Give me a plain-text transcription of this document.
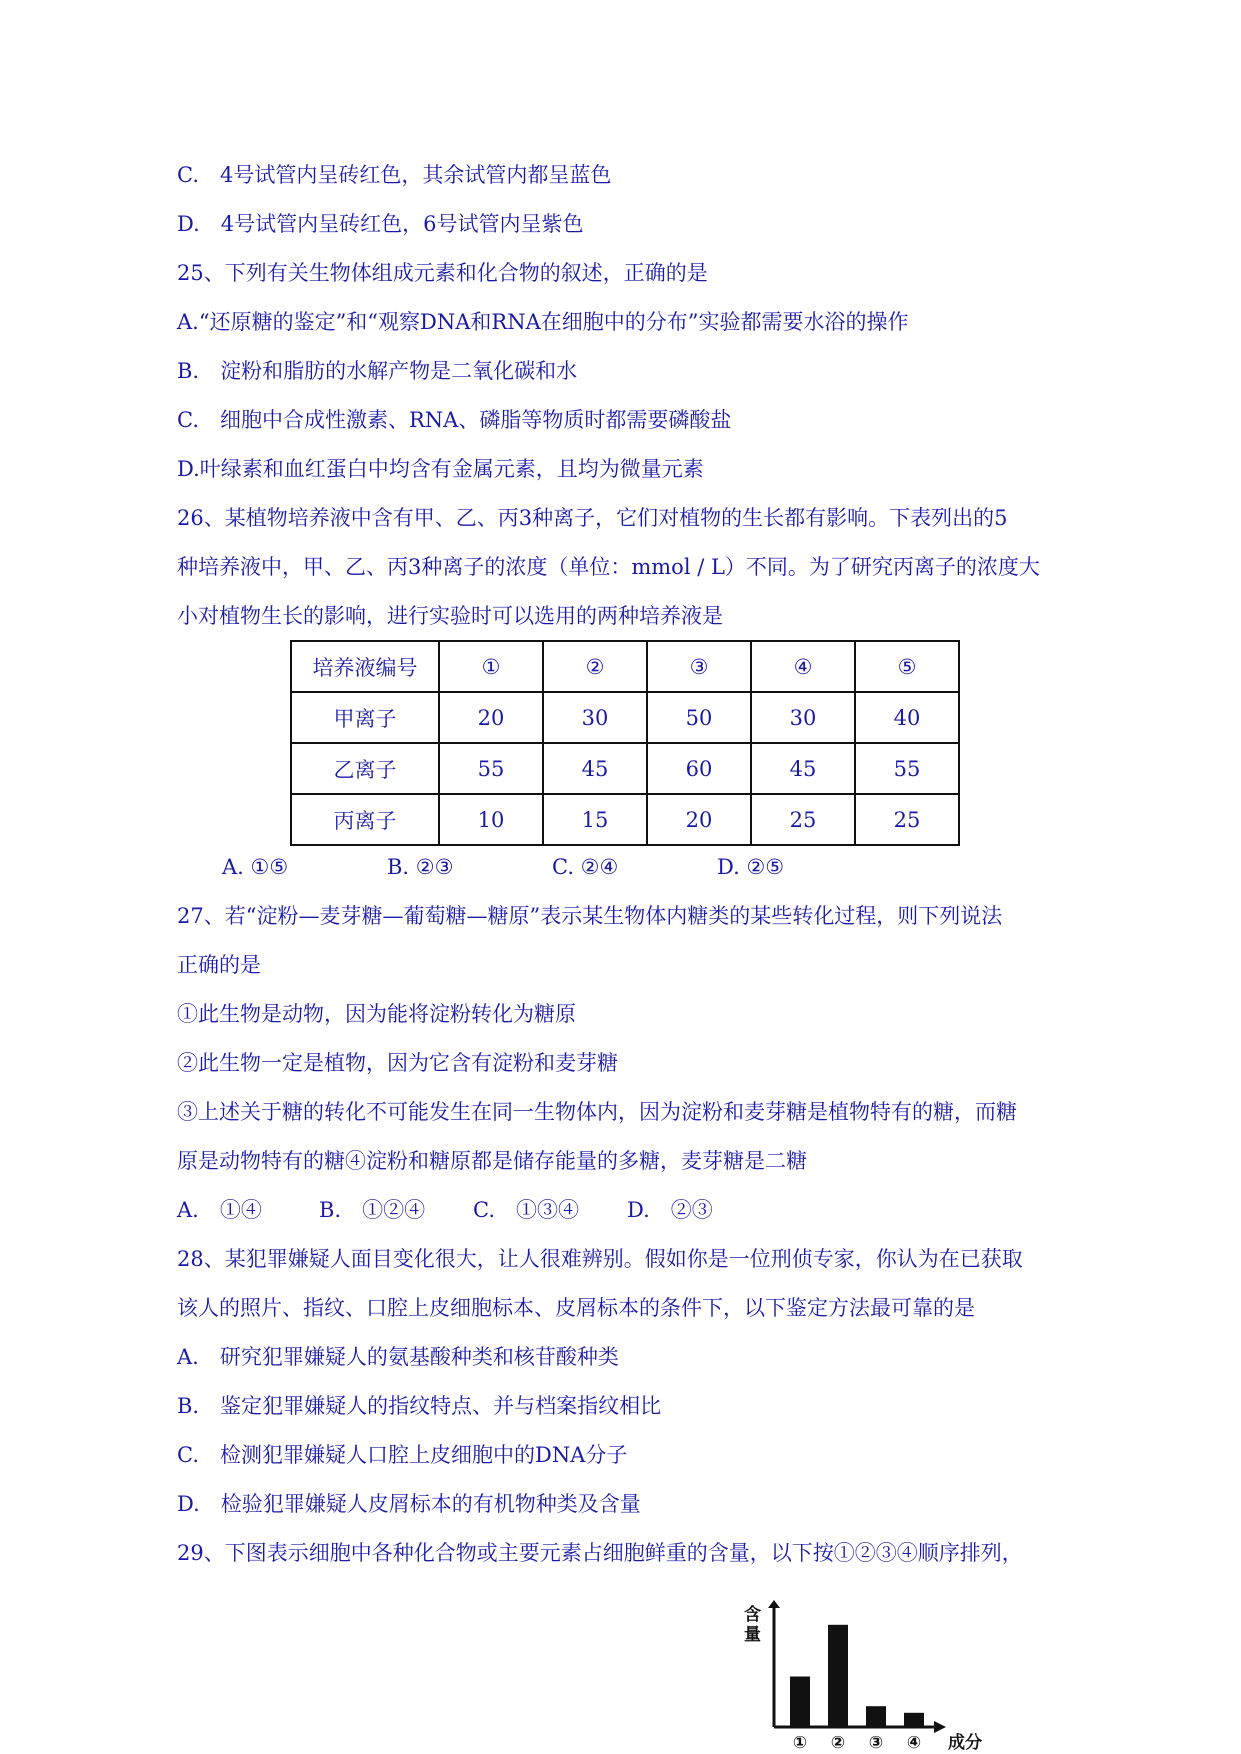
C.　4号试管内呈砖红色，其余试管内都呈蓝色
D.　4号试管内呈砖红色，6号试管内呈紫色
25、下列有关生物体组成元素和化合物的叙述，正确的是
A.“还原糖的鉴定”和“观察DNA和RNA在细胞中的分布”实验都需要水浴的操作
B.　淀粉和脂肪的水解产物是二氧化碳和水
C.　细胞中合成性激素、RNA、磷脂等物质时都需要磷酸盐
D.叶绿素和血红蛋白中均含有金属元素，且均为微量元素
26、某植物培养液中含有甲、乙、丙3种离子，它们对植物的生长都有影响。下表列出的5
种培养液中，甲、乙、丙3种离子的浓度（单位：mmol / L）不同。为了研究丙离子的浓度大
小对植物生长的影响，进行实验时可以选用的两种培养液是
培养液编号	①	②	③	④	⑤
甲离子	20	30	50	30	40
乙离子	55	45	60	45	55
丙离子	10	15	20	25	25
A. ①⑤	B. ②③	C. ②④	D. ②⑤
27、若“淀粉—麦芽糖—葡萄糖—糖原”表示某生物体内糖类的某些转化过程，则下列说法
正确的是
①此生物是动物，因为能将淀粉转化为糖原
②此生物一定是植物，因为它含有淀粉和麦芽糖
③上述关于糖的转化不可能发生在同一生物体内，因为淀粉和麦芽糖是植物特有的糖，而糖
原是动物特有的糖④淀粉和糖原都是储存能量的多糖，麦芽糖是二糖
A.　①④	B.　①②④ C.　①③④ D.　②③
28、某犯罪嫌疑人面目变化很大，让人很难辨别。假如你是一位刑侦专家，你认为在已获取
该人的照片、指纹、口腔上皮细胞标本、皮屑标本的条件下，以下鉴定方法最可靠的是
A.　研究犯罪嫌疑人的氨基酸种类和核苷酸种类
B.　鉴定犯罪嫌疑人的指纹特点、并与档案指纹相比
C.　检测犯罪嫌疑人口腔上皮细胞中的DNA分子
D.　检验犯罪嫌疑人皮屑标本的有机物种类及含量
29、下图表示细胞中各种化合物或主要元素占细胞鲜重的含量，以下按①②③④顺序排列，
含
量
① ② ③ ④ 成分
